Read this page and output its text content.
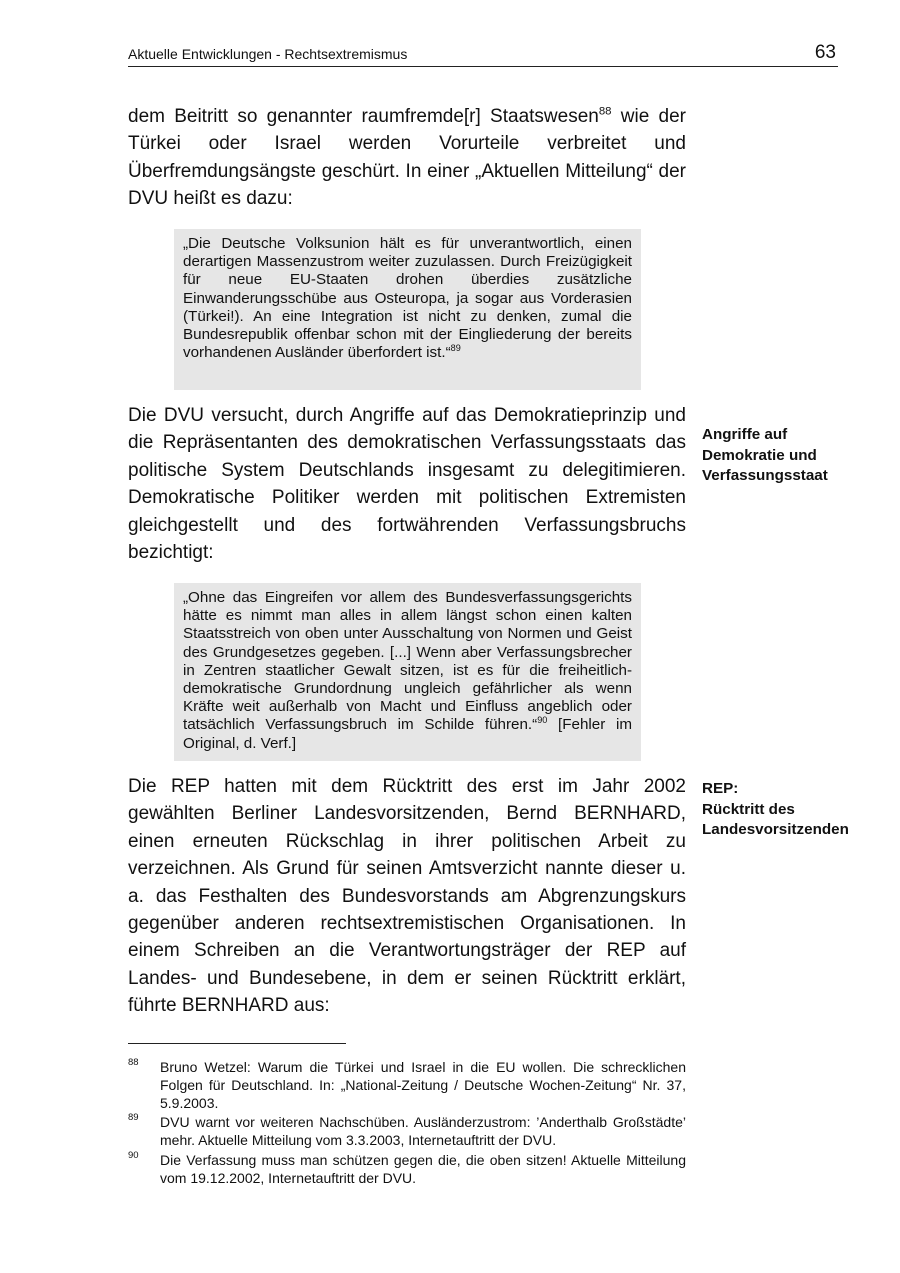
Aktuelle Entwicklungen - Rechtsextremismus	63

dem Beitritt so genannter raumfremde[r] Staatswesen$^{88}$ wie der Türkei oder Israel werden Vorurteile verbreitet und Überfremdungsängste geschürt. In einer „Aktuellen Mitteilung“ der DVU heißt es dazu:

„Die Deutsche Volksunion hält es für unverantwortlich, einen derartigen Massenzustrom weiter zuzulassen. Durch Freizügigkeit für neue EU-Staaten drohen überdies zusätzliche Einwanderungsschübe aus Osteuropa, ja sogar aus Vorderasien (Türkei!). An eine Integration ist nicht zu denken, zumal die Bundesrepublik offenbar schon mit der Eingliederung der bereits vorhandenen Ausländer überfordert ist.“$^{89}$

Die DVU versucht, durch Angriffe auf das Demokratieprinzip und die Repräsentanten des demokratischen Verfassungsstaats das politische System Deutschlands insgesamt zu delegitimieren. Demokratische Politiker werden mit politischen Extremisten gleichgestellt und des fortwährenden Verfassungsbruchs bezichtigt:

Angriffe auf
Demokratie und
Verfassungsstaat
„Ohne das Eingreifen vor allem des Bundesverfassungsgerichts hätte es nimmt man alles in allem längst schon einen kalten Staatsstreich von oben unter Ausschaltung von Normen und Geist des Grundgesetzes gegeben. [...] Wenn aber Verfassungsbrecher in Zentren staatlicher Gewalt sitzen, ist es für die freiheitlich-demokratische Grundordnung ungleich gefährlicher als wenn Kräfte weit außerhalb von Macht und Einfluss angeblich oder tatsächlich Verfassungsbruch im Schilde führen.“$^{90}$ [Fehler im Original, d. Verf.]

Die REP hatten mit dem Rücktritt des erst im Jahr 2002 gewählten Berliner Landesvorsitzenden, Bernd BERNHARD, einen erneuten Rückschlag in ihrer politischen Arbeit zu verzeichnen. Als Grund für seinen Amtsverzicht nannte dieser u. a. das Festhalten des Bundesvorstands am Abgrenzungskurs gegenüber anderen rechtsextremistischen Organisationen. In einem Schreiben an die Verantwortungsträger der REP auf Landes- und Bundesebene, in dem er seinen Rücktritt erklärt, führte BERNHARD aus:

REP:
Rücktritt des
Landesvorsitzenden
88 Bruno Wetzel: Warum die Türkei und Israel in die EU wollen. Die schrecklichen Folgen für Deutschland. In: „National-Zeitung / Deutsche Wochen-Zeitung“ Nr. 37, 5.9.2003.
89 DVU warnt vor weiteren Nachschüben. Ausländerzustrom: ’Anderthalb Großstädte’ mehr. Aktuelle Mitteilung vom 3.3.2003, Internetauftritt der DVU.
90 Die Verfassung muss man schützen gegen die, die oben sitzen! Aktuelle Mitteilung vom 19.12.2002, Internetauftritt der DVU.
